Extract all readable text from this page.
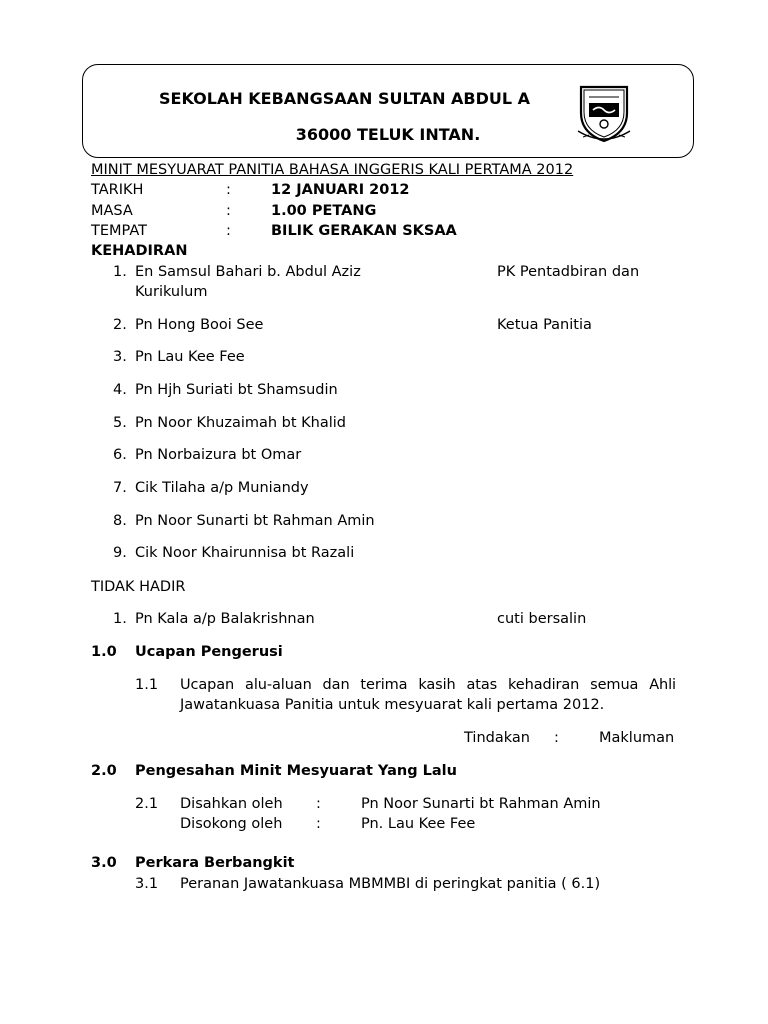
SEKOLAH KEBANGSAAN SULTAN ABDUL A
36000 TELUK INTAN.
MINIT MESYUARAT PANITIA BAHASA INGGERIS KALI PERTAMA 2012
TARIKH	:	12 JANUARI 2012
MASA	:	1.00 PETANG
TEMPAT	:	BILIK GERAKAN SKSAA
KEHADIRAN
1. En Samsul Bahari b. Abdul Aziz	PK Pentadbiran dan
Kurikulum
2. Pn Hong Booi See	Ketua Panitia
3. Pn Lau Kee Fee
4. Pn Hjh Suriati bt Shamsudin
5. Pn Noor Khuzaimah bt Khalid
6. Pn Norbaizura bt Omar
7. Cik Tilaha a/p Muniandy
8. Pn Noor Sunarti bt Rahman Amin
9. Cik Noor Khairunnisa bt Razali
TIDAK HADIR
1. Pn Kala a/p Balakrishnan	cuti bersalin
1.0 Ucapan Pengerusi
1.1 Ucapan alu-aluan dan terima kasih atas kehadiran semua Ahli
Jawatankuasa Panitia untuk mesyuarat kali pertama 2012.
Tindakan :	Makluman
2.0 Pengesahan Minit Mesyuarat Yang Lalu
2.1 Disahkan oleh :	Pn Noor Sunarti bt Rahman Amin
Disokong oleh :	Pn. Lau Kee Fee
3.0 Perkara Berbangkit
3.1 Peranan Jawatankuasa MBMMBI di peringkat panitia ( 6.1)
